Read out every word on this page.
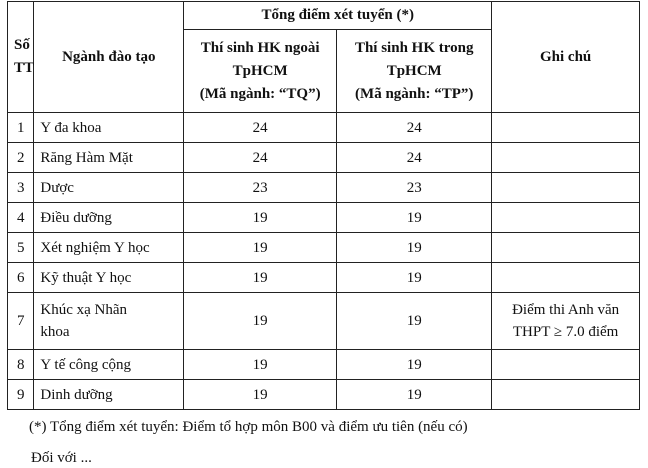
Số
TT	Ngành đào tạo	Tổng điểm xét tuyển (*)		Ghi chú

		Thí sinh HK ngoài
TpHCM
(Mã ngành: “TQ”)	Thí sinh HK trong
TpHCM
(Mã ngành: “TP”)	

1	Y đa khoa	24	24	
2	Răng Hàm Mặt	24	24	
3	Dược	23	23	
4	Điều dưỡng	19	19	
5	Xét nghiệm Y học	19	19	
6	Kỹ thuật Y học	19	19	
7	Khúc xạ Nhãn
khoa	19	19	Điểm thi Anh văn
THPT ≥ 7.0 điểm

8	Y tế công cộng	19	19	
9	Dinh dưỡng	19	19	
(*) Tổng điểm xét tuyển: Điểm tổ hợp môn B00 và điểm ưu tiên (nếu có)
Đối với ...
